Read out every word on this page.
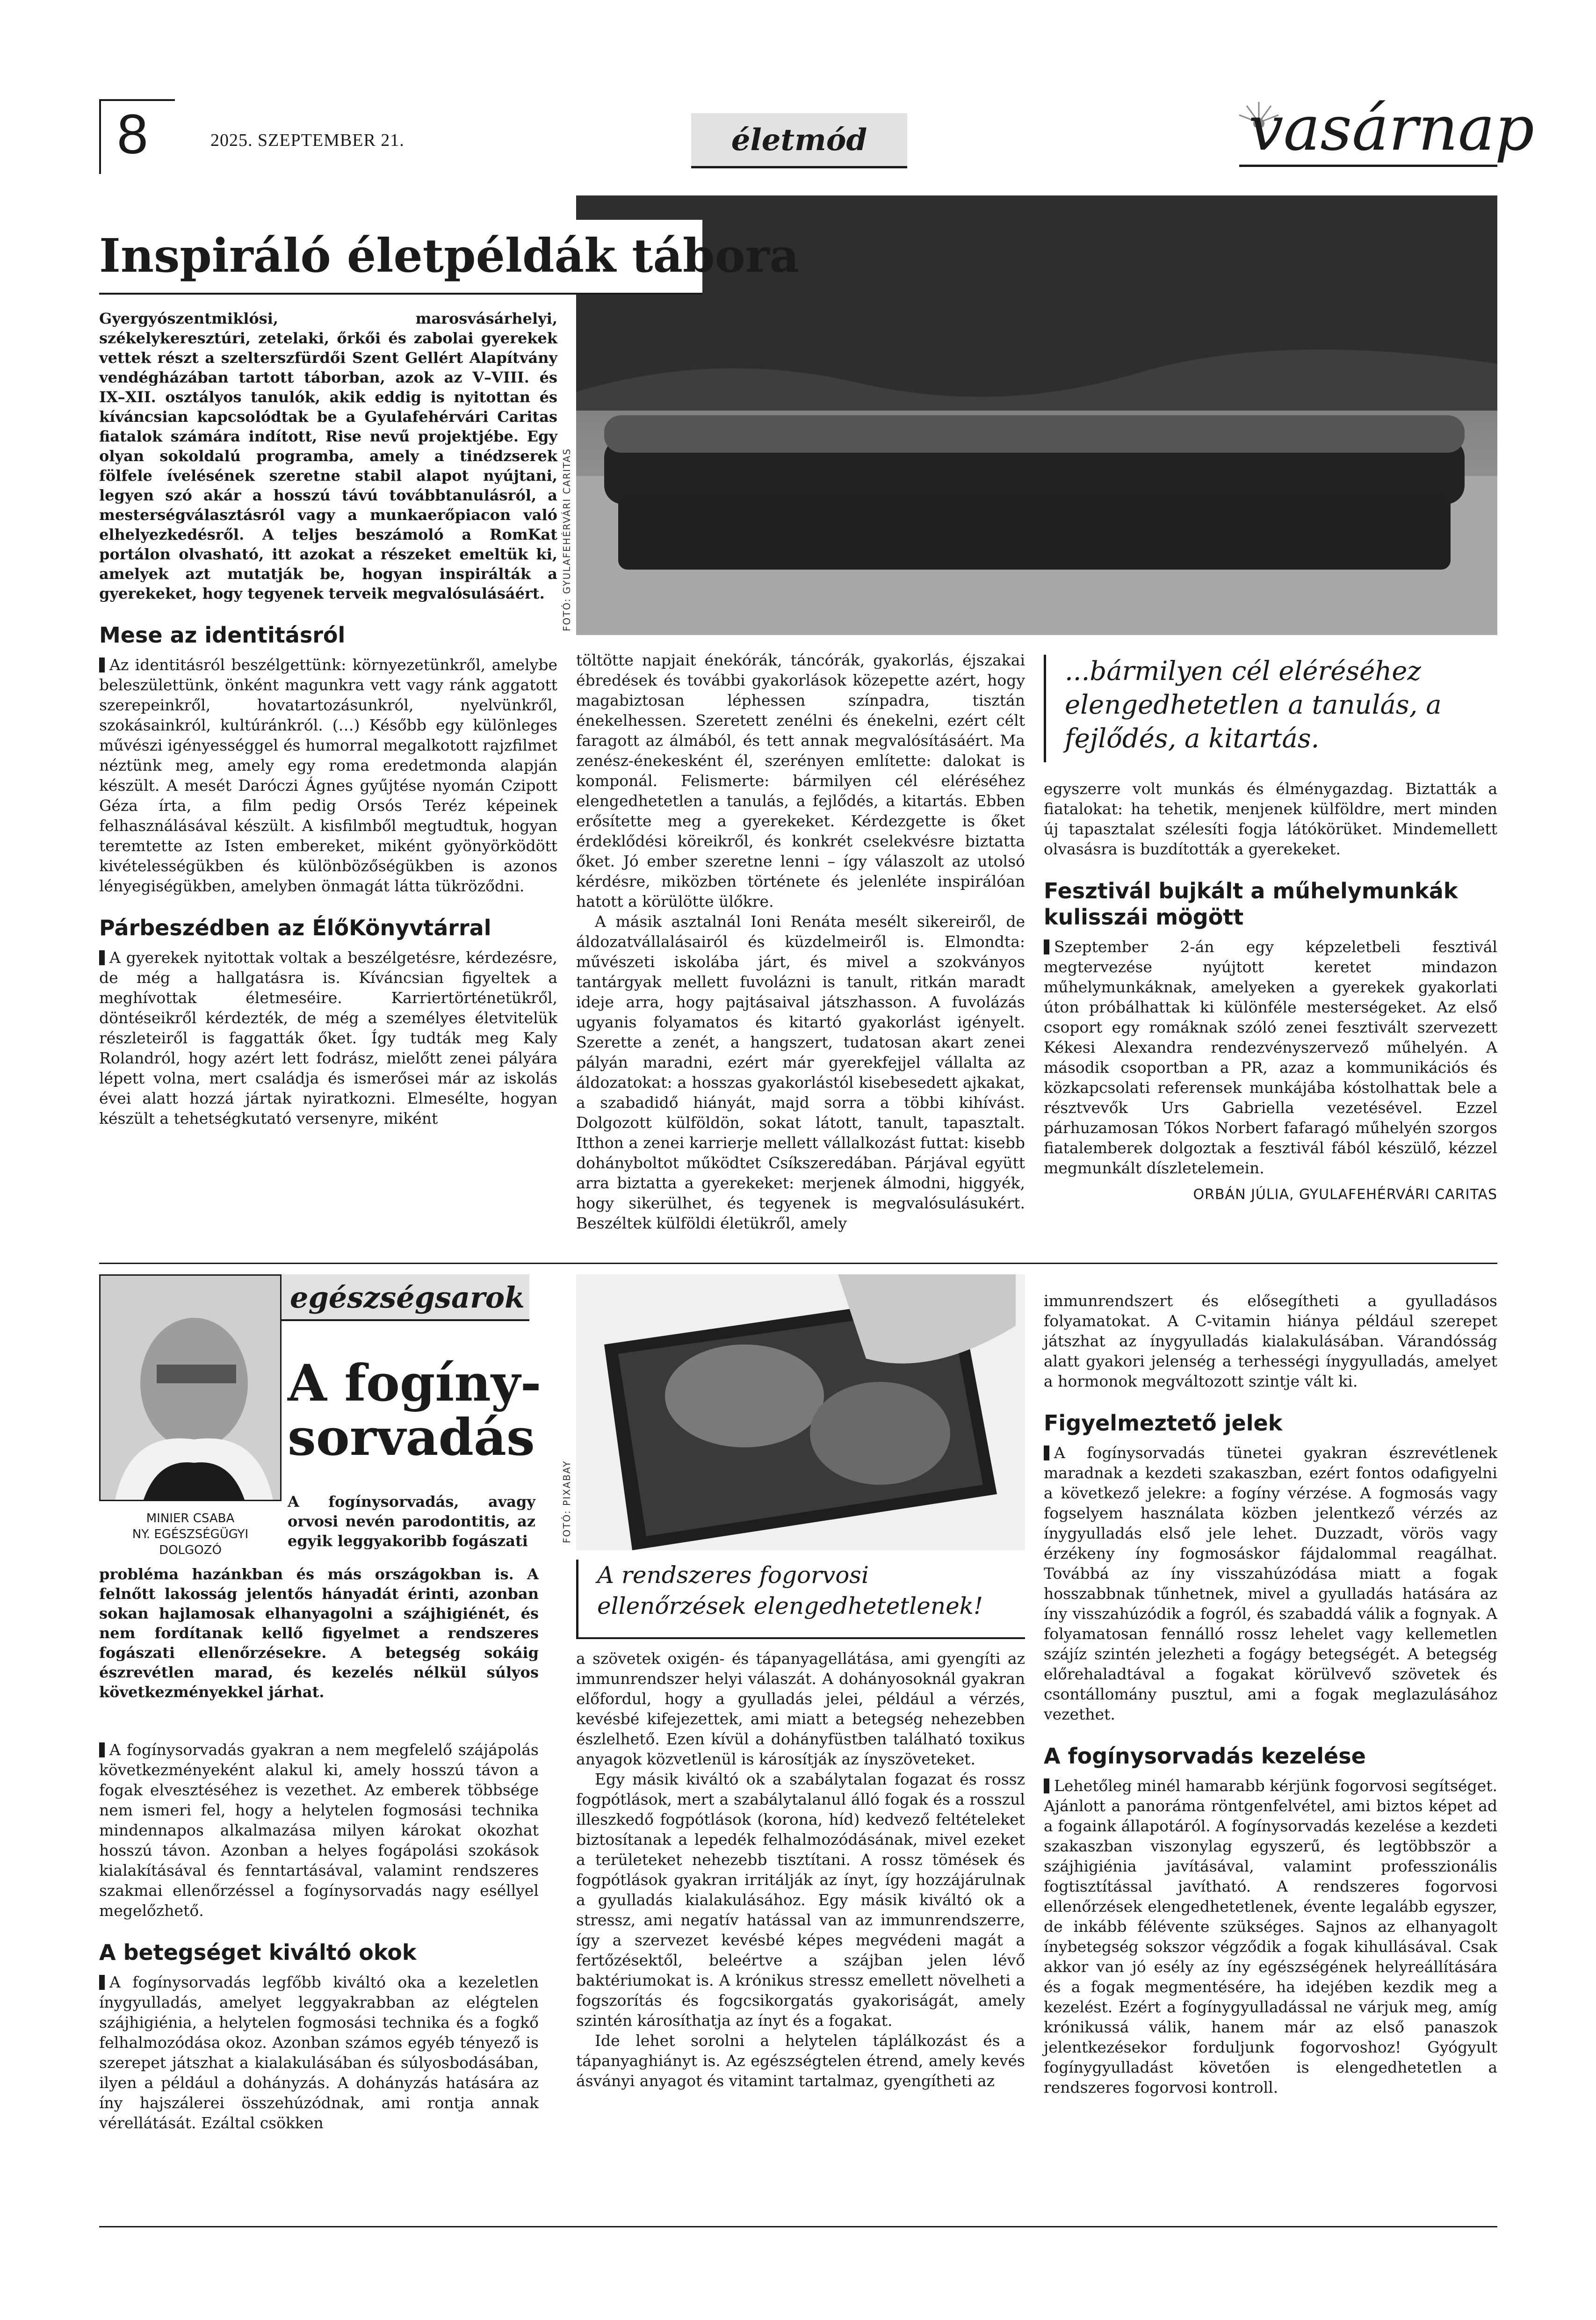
8	2025. SZEPTEMBER 21.	életmód	vasárnap
FOTÓ: GYULAFEHÉRVÁRI CARITAS
Inspiráló életpéldák tábora

Gyergyószentmiklósi, marosvásárhelyi, székelykeresztúri, zetelaki, őrkői és zabolai gyerekek vettek részt a szelterszfürdői Szent Gellért Alapítvány vendégházában tartott táborban, azok az V–VIII. és IX–XII. osztályos tanulók, akik eddig is nyitottan és kíváncsian kapcsolódtak be a Gyulafehérvári Caritas fiatalok számára indított, Rise nevű projektjébe. Egy olyan sokoldalú programba, amely a tinédzserek fölfele ívelésének szeretne stabil alapot nyújtani, legyen szó akár a hosszú távú továbbtanulásról, a mesterségválasztásról vagy a munkaerőpiacon való elhelyezkedésről. A teljes beszámoló a RomKat portálon olvasható, itt azokat a részeket emeltük ki, amelyek azt mutatják be, hogyan inspirálták a gyerekeket, hogy tegyenek terveik megvalósulásáért.

Mese az identitásról

Az identitásról beszélgettünk: környezetünkről, amelybe beleszülettünk, önként magunkra vett vagy ránk aggatott szerepeinkről, hovatartozásunkról, nyelvünkről, szokásainkról, kultúránkról. (…) Később egy különleges művészi igényességgel és humorral megalkotott rajzfilmet néztünk meg, amely egy roma eredetmonda alapján készült. A mesét Daróczi Ágnes gyűjtése nyomán Czipott Géza írta, a film pedig Orsós Teréz képeinek felhasználásával készült. A kisfilmből megtudtuk, hogyan teremtette az Isten embereket, miként gyönyörködött kivételességükben és különbözőségükben is azonos lényegiségükben, amelyben önmagát látta tükröződni.

Párbeszédben az ÉlőKönyvtárral

A gyerekek nyitottak voltak a beszélgetésre, kérdezésre, de még a hallgatásra is. Kíváncsian figyeltek a meghívottak életmeséire. Karriertörténetükről, döntéseikről kérdezték, de még a személyes életvitelük részleteiről is faggatták őket. Így tudták meg Kaly Rolandról, hogy azért lett fodrász, mielőtt zenei pályára lépett volna, mert családja és ismerősei már az iskolás évei alatt hozzá jártak nyiratkozni. Elmesélte, hogyan készült a tehetségkutató versenyre, miként

töltötte napjait énekórák, táncórák, gyakorlás, éjszakai ébredések és további gyakorlások közepette azért, hogy magabiztosan léphessen színpadra, tisztán énekelhessen. Szeretett zenélni és énekelni, ezért célt faragott az álmából, és tett annak megvalósításáért. Ma zenész-énekesként él, szerényen említette: dalokat is komponál. Felismerte: bármilyen cél eléréséhez elengedhetetlen a tanulás, a fejlődés, a kitartás. Ebben erősítette meg a gyerekeket. Kérdezgette is őket érdeklődési köreikről, és konkrét cselekvésre biztatta őket. Jó ember szeretne lenni – így válaszolt az utolsó kérdésre, miközben története és jelenléte inspirálóan hatott a körülötte ülőkre.

A másik asztalnál Ioni Renáta mesélt sikereiről, de áldozatvállalásairól és küzdelmeiről is. Elmondta: művészeti iskolába járt, és mivel a szokványos tantárgyak mellett fuvolázni is tanult, ritkán maradt ideje arra, hogy pajtásaival játszhasson. A fuvolázás ugyanis folyamatos és kitartó gyakorlást igényelt. Szerette a zenét, a hangszert, tudatosan akart zenei pályán maradni, ezért már gyerekfejjel vállalta az áldozatokat: a hosszas gyakorlástól kisebesedett ajkakat, a szabadidő hiányát, majd sorra a többi kihívást. Dolgozott külföldön, sokat látott, tanult, tapasztalt. Itthon a zenei karrierje mellett vállalkozást futtat: kisebb dohányboltot működtet Csíkszeredában. Párjával együtt arra biztatta a gyerekeket: merjenek álmodni, higgyék, hogy sikerülhet, és tegyenek is megvalósulásukért. Beszéltek külföldi életükről, amely

...bármilyen cél eléréséhez elengedhetetlen a tanulás, a fejlődés, a kitartás.

egyszerre volt munkás és élménygazdag. Biztatták a fiatalokat: ha tehetik, menjenek külföldre, mert minden új tapasztalat szélesíti fogja látókörüket. Mindemellett olvasásra is buzdították a gyerekeket.

Fesztivál bujkált a műhelymunkák kulisszái mögött

Szeptember 2-án egy képzeletbeli fesztivál megtervezése nyújtott keretet mindazon műhelymunkáknak, amelyeken a gyerekek gyakorlati úton próbálhattak ki különféle mesterségeket. Az első csoport egy romáknak szóló zenei fesztivált szervezett Kékesi Alexandra rendezvényszervező műhelyén. A második csoportban a PR, azaz a kommunikációs és közkapcsolati referensek munkájába kóstolhattak bele a résztvevők Urs Gabriella vezetésével. Ezzel párhuzamosan Tókos Norbert fafaragó műhelyén szorgos fiatalemberek dolgoztak a fesztivál fából készülő, kézzel megmunkált díszletelemein.

ORBÁN JÚLIA, GYULAFEHÉRVÁRI CARITAS
MINIER CSABA
NY. EGÉSZSÉGÜGYI
DOLGOZÓ
egészségsarok
A fogíny-
sorvadás
A fogínysorvadás, avagy orvosi nevén parodontitis, az egyik leggyakoribb fogászati

probléma hazánkban és más országokban is. A felnőtt lakosság jelentős hányadát érinti, azonban sokan hajlamosak elhanyagolni a szájhigiénét, és nem fordítanak kellő figyelmet a rendszeres fogászati ellenőrzésekre. A betegség sokáig észrevétlen marad, és kezelés nélkül súlyos következményekkel járhat.

A fogínysorvadás gyakran a nem megfelelő szájápolás következményeként alakul ki, amely hosszú távon a fogak elvesztéséhez is vezethet. Az emberek többsége nem ismeri fel, hogy a helytelen fogmosási technika mindennapos alkalmazása milyen károkat okozhat hosszú távon. Azonban a helyes fogápolási szokások kialakításával és fenntartásával, valamint rendszeres szakmai ellenőrzéssel a fogínysorvadás nagy eséllyel megelőzhető.

A betegséget kiváltó okok

A fogínysorvadás legfőbb kiváltó oka a kezeletlen ínygyulladás, amelyet leggyakrabban az elégtelen szájhigiénia, a helytelen fogmosási technika és a fogkő felhalmozódása okoz. Azonban számos egyéb tényező is szerepet játszhat a kialakulásában és súlyosbodásában, ilyen a például a dohányzás. A dohányzás hatására az íny hajszálerei összehúzódnak, ami rontja annak vérellátását. Ezáltal csökken

FOTÓ: PIXABAY
A rendszeres fogorvosi ellenőrzések elengedhetetlenek!

a szövetek oxigén- és tápanyagellátása, ami gyengíti az immunrendszer helyi válaszát. A dohányosoknál gyakran előfordul, hogy a gyulladás jelei, például a vérzés, kevésbé kifejezettek, ami miatt a betegség nehezebben észlelhető. Ezen kívül a dohányfüstben található toxikus anyagok közvetlenül is károsítják az ínyszöveteket.

Egy másik kiváltó ok a szabálytalan fogazat és rossz fogpótlások, mert a szabálytalanul álló fogak és a rosszul illeszkedő fogpótlások (korona, híd) kedvező feltételeket biztosítanak a lepedék felhalmozódásának, mivel ezeket a területeket nehezebb tisztítani. A rossz tömések és fogpótlások gyakran irritálják az ínyt, így hozzájárulnak a gyulladás kialakulásához. Egy másik kiváltó ok a stressz, ami negatív hatással van az immunrendszerre, így a szervezet kevésbé képes megvédeni magát a fertőzésektől, beleértve a szájban jelen lévő baktériumokat is. A krónikus stressz emellett növelheti a fogszorítás és fogcsikorgatás gyakoriságát, amely szintén károsíthatja az ínyt és a fogakat.

Ide lehet sorolni a helytelen táplálkozást és a tápanyaghiányt is. Az egészségtelen étrend, amely kevés ásványi anyagot és vitamint tartalmaz, gyengítheti az

immunrendszert és elősegítheti a gyulladásos folyamatokat. A C-vitamin hiánya például szerepet játszhat az ínygyulladás kialakulásában. Várandósság alatt gyakori jelenség a terhességi ínygyulladás, amelyet a hormonok megváltozott szintje vált ki.

Figyelmeztető jelek

A fogínysorvadás tünetei gyakran észrevétlenek maradnak a kezdeti szakaszban, ezért fontos odafigyelni a következő jelekre: a fogíny vérzése. A fogmosás vagy fogselyem használata közben jelentkező vérzés az ínygyulladás első jele lehet. Duzzadt, vörös vagy érzékeny íny fogmosáskor fájdalommal reagálhat. Továbbá az íny visszahúzódása miatt a fogak hosszabbnak tűnhetnek, mivel a gyulladás hatására az íny visszahúzódik a fogról, és szabaddá válik a fognyak. A folyamatosan fennálló rossz lehelet vagy kellemetlen szájíz szintén jelezheti a fogágy betegségét. A betegség előrehaladtával a fogakat körülvevő szövetek és csontállomány pusztul, ami a fogak meglazulásához vezethet.

A fogínysorvadás kezelése

Lehetőleg minél hamarabb kérjünk fogorvosi segítséget. Ajánlott a panoráma röntgenfelvétel, ami biztos képet ad a fogaink állapotáról. A fogínysorvadás kezelése a kezdeti szakaszban viszonylag egyszerű, és legtöbbször a szájhigiénia javításával, valamint professzionális fogtisztítással javítható. A rendszeres fogorvosi ellenőrzések elengedhetetlenek, évente legalább egyszer, de inkább félévente szükséges. Sajnos az elhanyagolt ínybetegség sokszor végződik a fogak kihullásával. Csak akkor van jó esély az íny egészségének helyreállítására és a fogak megmentésére, ha idejében kezdik meg a kezelést. Ezért a fogínygyulladással ne várjuk meg, amíg krónikussá válik, hanem már az első panaszok jelentkezésekor forduljunk fogorvoshoz! Gyógyult fogínygyulladást követően is elengedhetetlen a rendszeres fogorvosi kontroll.
